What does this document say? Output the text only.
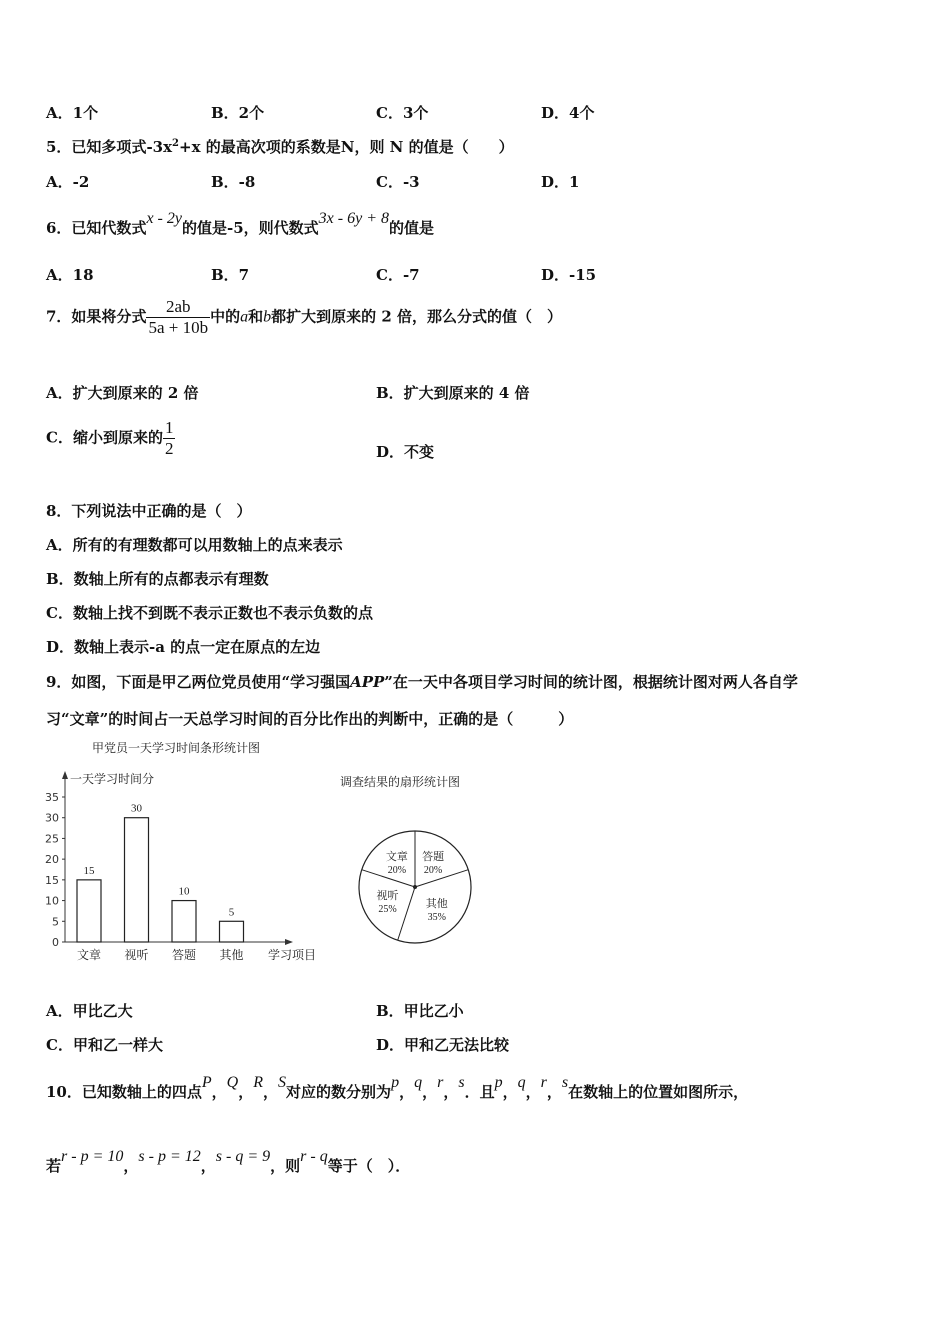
A．1个	B．2个	C．3个	D．4个
5．已知多项式$-3x^2+x$ 的最高次项的系数是N，则 N 的值是（　　）
A．-2	B．-8	C．-3	D．1
6．已知代数式x - 2y的值是-5，则代数式3x - 6y + 8的值是
A．18	B．7	C．-7	D．-15
7．如果将分式 $\frac{2ab}{5a + 10b}$ 中的a和b都扩大到原来的 2 倍，那么分式的值（　）
A．扩大到原来的 2 倍	B．扩大到原来的 4 倍
C．缩小到原来的 $\frac{1}{2}$	D．不变
8．下列说法中正确的是（　）
A．所有的有理数都可以用数轴上的点来表示
B．数轴上所有的点都表示有理数
C．数轴上找不到既不表示正数也不表示负数的点
D．数轴上表示-a 的点一定在原点的左边
9．如图，下面是甲乙两位党员使用“学习强国APP”在一天中各项目学习时间的统计图，根据统计图对两人各自学
习“文章”的时间占一天总学习时间的百分比作出的判断中，正确的是（　　　）
甲党员一天学习时间条形统计图
一天学习时间分
学习项目
0
5
10
15
20
25
30
35
15
文章
30
视听
10
答题
5
其他
调查结果的扇形统计图
文章
20%
答题
20%
其他
35%
视听
25%
A．甲比乙大	B．甲比乙小
C．甲和乙一样大	D．甲和乙无法比较
10．已知数轴上的四点P，Q，R，S对应的数分别为p，q，r，s．且p，q，r，s在数轴上的位置如图所示，
若r - p = 10，s - p = 12，s - q = 9，则r - q等于（　）．
